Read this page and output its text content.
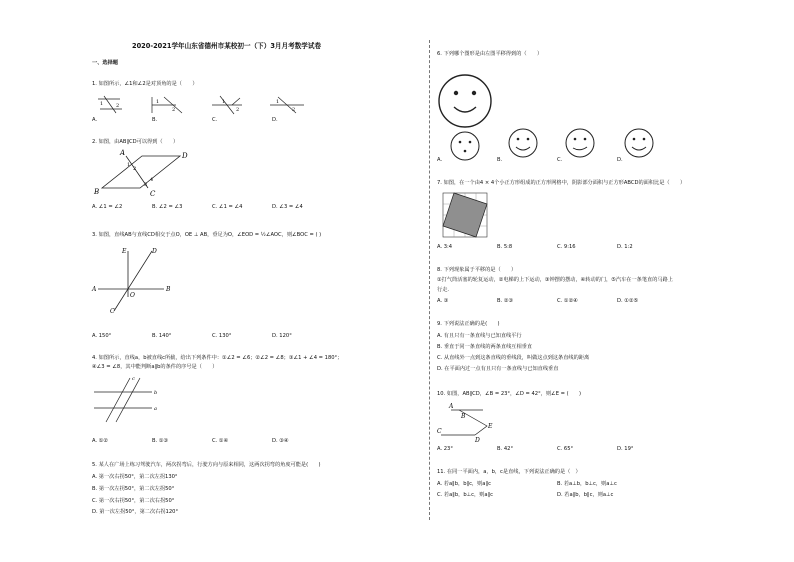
2020-2021学年山东省德州市某校初一（下）3月月考数学试卷
一、选择题
1. 如图所示，∠1和∠2是对顶角的是（　　）
1	2
1
2
1
2
1
2
A.	B.	C.	D.
2. 如图，由AB∥CD可以得到（　　）
A	D
B	C
1
2
3
4
A. ∠1 = ∠2	B. ∠2 = ∠3	C. ∠1 = ∠4	D. ∠3 = ∠4
3. 如图，直线AB与直线CD相交于点O，OE ⊥ AB，垂足为O，∠EOD = ½∠AOC，则∠BOC = ( )
A	B
E	D
O
C
A. 150°	B. 140°	C. 130°	D. 120°
4. 如图所示，直线a，b被直线c所截，给出下列条件中：①∠2 = ∠6；②∠2 = ∠8；③∠1 + ∠4 = 180°；
④∠3 = ∠8，其中能判断a∥b的条件的序号是（　　）
b
a
c
A. ①②	B. ①③	C. ①④	D. ③④
5. 某人在广场上练习驾驶汽车，两次拐弯后，行驶方向与原来相同，这两次拐弯的角度可能是(　　)
A. 第一次右拐50°，第二次左拐130°
B. 第一次左拐50°，第二次左拐50°
C. 第一次右拐50°，第二次右拐50°
D. 第一次左拐50°，第二次右拐120°
6. 下列哪个图形是由左图平移得到的（　　）
A.	B.	C.	D.
7. 如图，在一个由4 × 4个小正方形组成的正方形网格中，阴影部分面积与正方形ABCD的面积比是（　　）
A. 3:4	B. 5:8	C. 9:16	D. 1:2
8. 下列现象属于平移的是（　　）
①打气筒活塞的轮复运动，②电梯的上下运动，③钟摆的摆动，④转动的门，⑤汽车在一条笔直的马路上
行走.
A. ③	B. ②③	C. ①②④	D. ①②⑤
9. 下列说法正确的是(　　)
A. 有且只有一条直线与已知直线平行
B. 垂直于同一条直线的两条直线互相垂直
C. 从直线外一点到这条直线的垂线段，叫做这点到这条直线的距离
D. 在平面内过一点有且只有一条直线与已知直线垂直
10. 如图，AB∥CD，∠B = 23°，∠D = 42°，则∠E = (　　)
A
B
E
C
D
A. 23°	B. 42°	C. 65°	D. 19°
11. 在同一平面内，a，b，c是直线，下列说法正确的是（　）
A. 若a∥b，b∥c，则a∥c	B. 若a⊥b，b⊥c，则a⊥c
C. 若a∥b，b⊥c，则a∥c	D. 若a∥b，b∥c，则a⊥c
